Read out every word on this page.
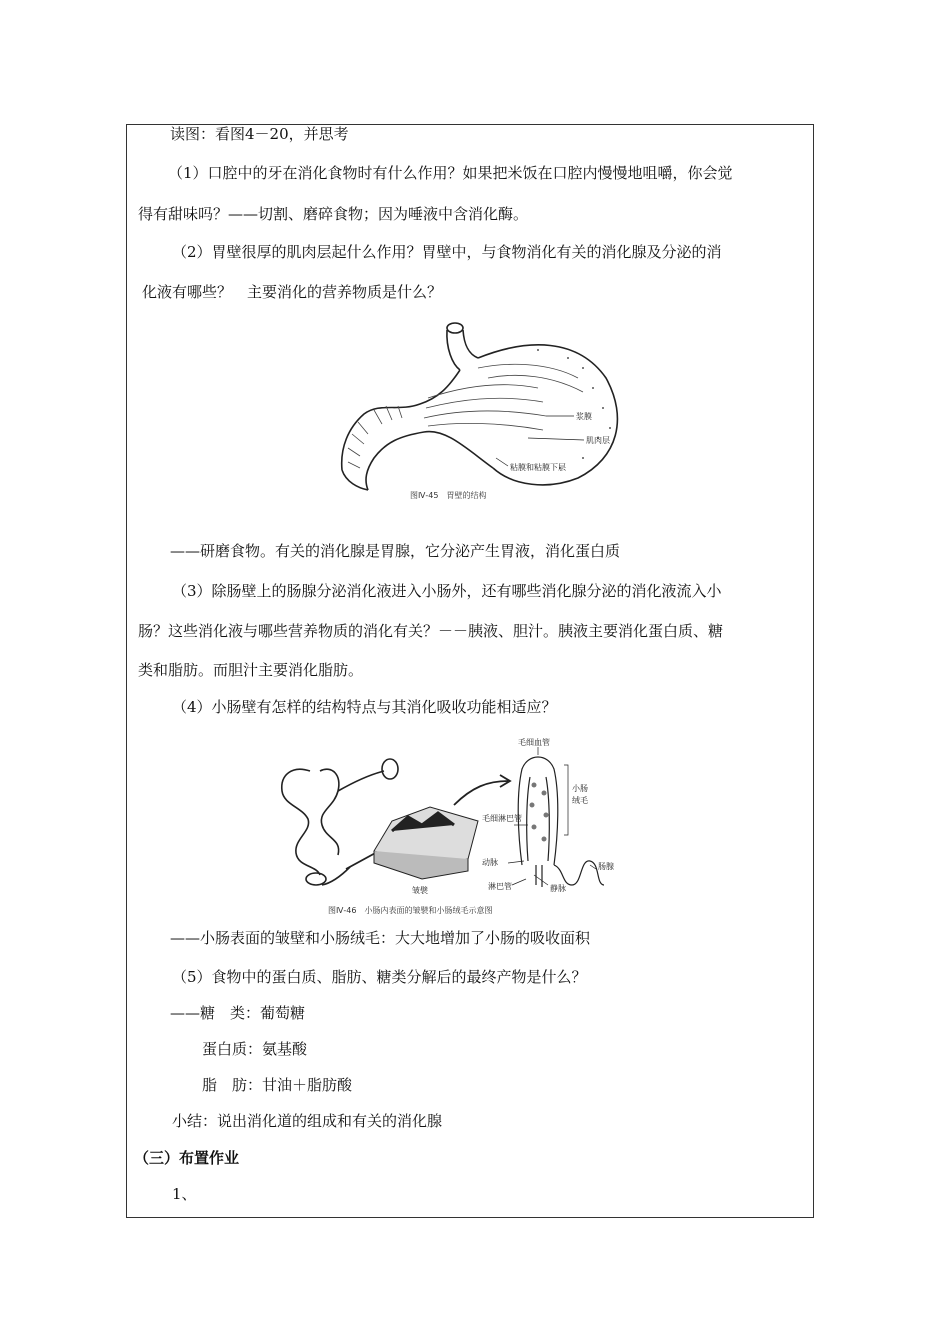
读图：看图4－20，并思考
（1）口腔中的牙在消化食物时有什么作用？如果把米饭在口腔内慢慢地咀嚼，你会觉
得有甜味吗？——切割、磨碎食物；因为唾液中含消化酶。
（2）胃壁很厚的肌肉层起什么作用？胃壁中，与食物消化有关的消化腺及分泌的消
化液有哪些？　主要消化的营养物质是什么？
浆膜
肌肉层
粘膜和粘膜下层
图Ⅳ-45　胃壁的结构
——研磨食物。有关的消化腺是胃腺，它分泌产生胃液，消化蛋白质
（3）除肠壁上的肠腺分泌消化液进入小肠外，还有哪些消化腺分泌的消化液流入小
肠？这些消化液与哪些营养物质的消化有关？－－胰液、胆汁。胰液主要消化蛋白质、糖
类和脂肪。而胆汁主要消化脂肪。
（4）小肠壁有怎样的结构特点与其消化吸收功能相适应？
毛细血管
小肠
绒毛
毛细淋巴管
动脉
静脉
淋巴管
肠腺
皱襞
图Ⅳ-46　小肠内表面的皱襞和小肠绒毛示意图
——小肠表面的皱壁和小肠绒毛：大大地增加了小肠的吸收面积
（5）食物中的蛋白质、脂肪、糖类分解后的最终产物是什么？
——糖　类：葡萄糖
蛋白质：氨基酸
脂　肪：甘油＋脂肪酸
小结：说出消化道的组成和有关的消化腺
（三）布置作业
1、
